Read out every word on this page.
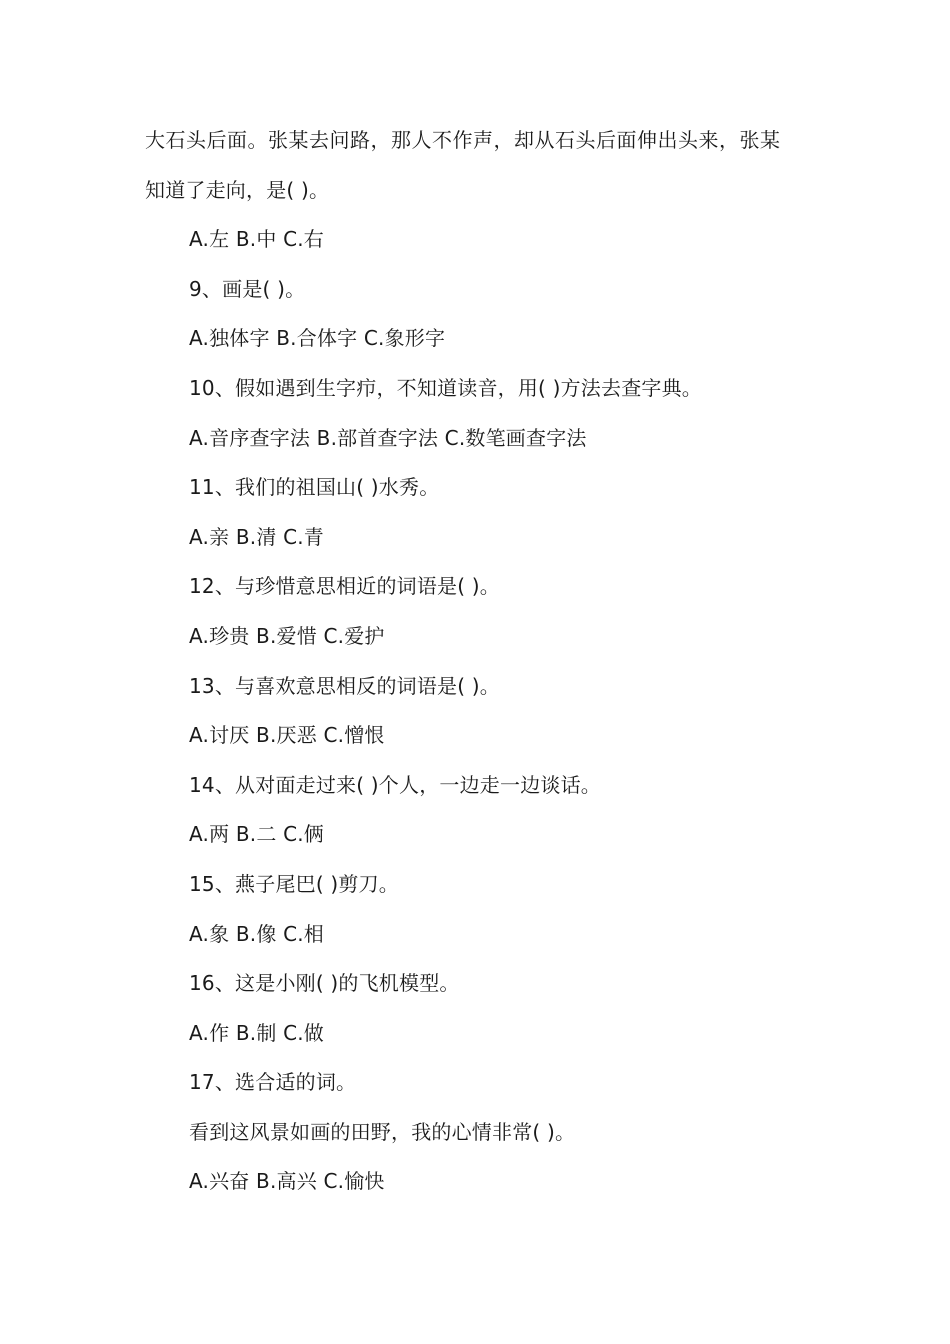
大石头后面。张某去问路，那人不作声，却从石头后面伸出头来，张某
知道了走向，是( )。
A.左 B.中 C.右
9、画是( )。
A.独体字 B.合体字 C.象形字
10、假如遇到生字疖，不知道读音，用( )方法去查字典。
A.音序查字法 B.部首查字法 C.数笔画查字法
11、我们的祖国山( )水秀。
A.亲 B.清 C.青
12、与珍惜意思相近的词语是( )。
A.珍贵 B.爱惜 C.爱护
13、与喜欢意思相反的词语是( )。
A.讨厌 B.厌恶 C.憎恨
14、从对面走过来( )个人，一边走一边谈话。
A.两 B.二 C.俩
15、燕子尾巴( )剪刀。
A.象 B.像 C.相
16、这是小刚( )的飞机模型。
A.作 B.制 C.做
17、选合适的词。
看到这风景如画的田野，我的心情非常( )。
A.兴奋 B.高兴 C.愉快
